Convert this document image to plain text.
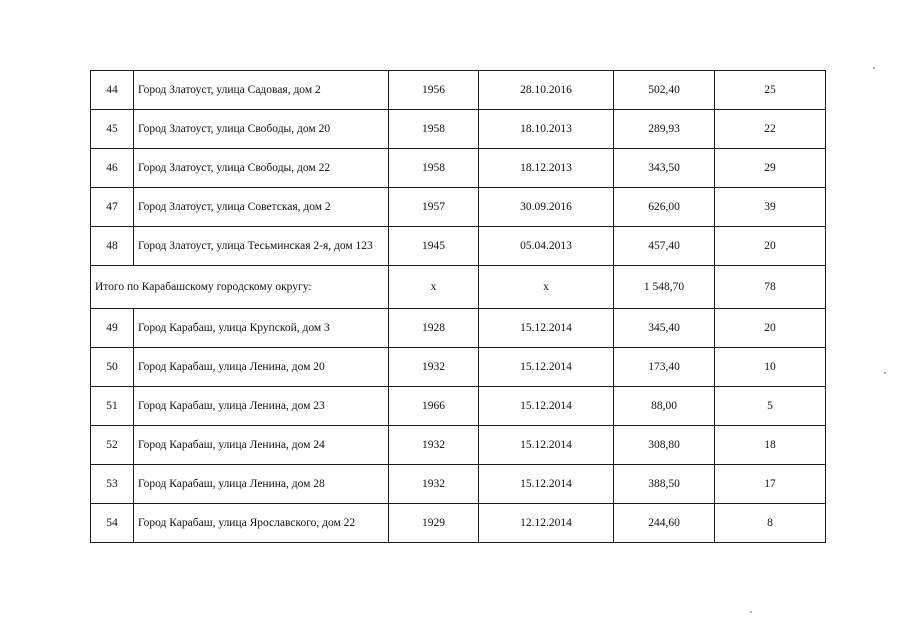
44	Город Златоуст, улица Садовая, дом 2	1956	28.10.2016	502,40	25
45	Город Златоуст, улица Свободы, дом 20	1958	18.10.2013	289,93	22
46	Город Златоуст, улица Свободы, дом 22	1958	18.12.2013	343,50	29
47	Город Златоуст, улица Советская, дом 2	1957	30.09.2016	626,00	39
48	Город Златоуст, улица Тесьминская 2-я, дом 123	1945	05.04.2013	457,40	20
Итого по Карабашскому городскому округу:		x	x	1 548,70	78
49	Город Карабаш, улица Крупской, дом 3	1928	15.12.2014	345,40	20
50	Город Карабаш, улица Ленина, дом 20	1932	15.12.2014	173,40	10
51	Город Карабаш, улица Ленина, дом 23	1966	15.12.2014	88,00	5
52	Город Карабаш, улица Ленина, дом 24	1932	15.12.2014	308,80	18
53	Город Карабаш, улица Ленина, дом 28	1932	15.12.2014	388,50	17
54	Город Карабаш, улица Ярославского, дом 22	1929	12.12.2014	244,60	8
